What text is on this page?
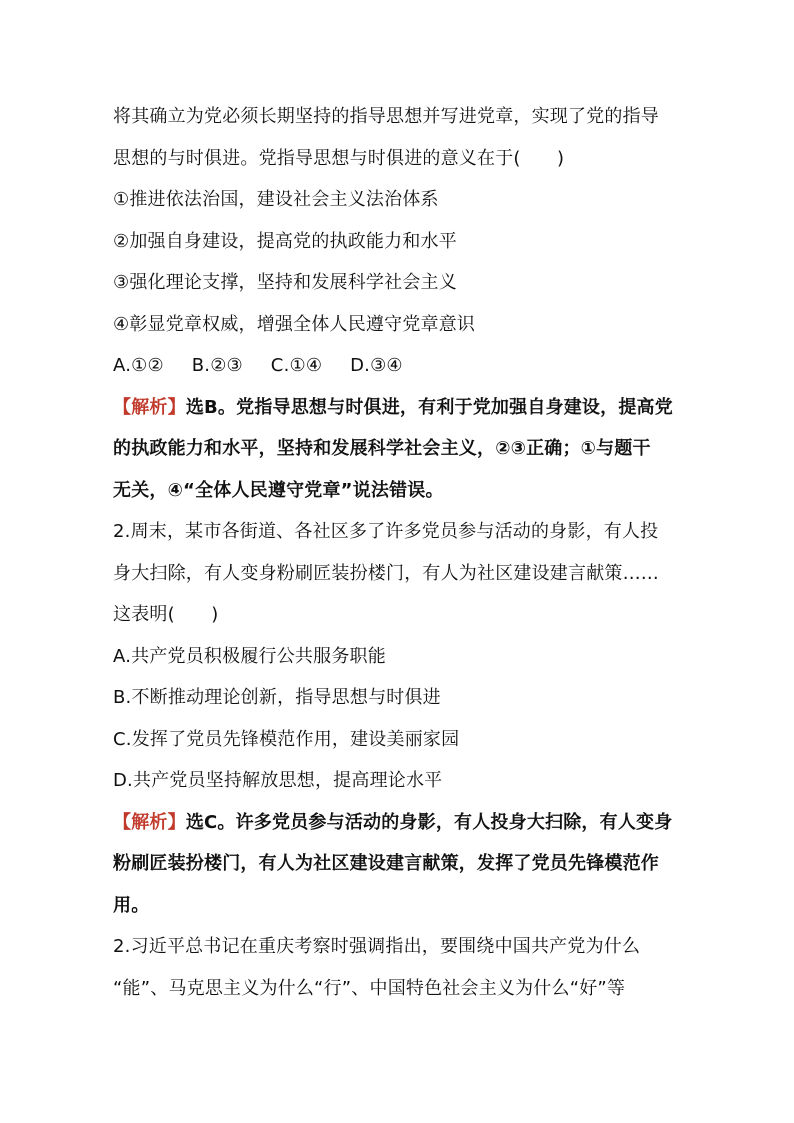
将其确立为党必须长期坚持的指导思想并写进党章，实现了党的指导
思想的与时俱进。党指导思想与时俱进的意义在于(　　)
①推进依法治国，建设社会主义法治体系
②加强自身建设，提高党的执政能力和水平
③强化理论支撑，坚持和发展科学社会主义
④彰显党章权威，增强全体人民遵守党章意识
A.①② B.②③ C.①④ D.③④
【解析】选B。党指导思想与时俱进，有利于党加强自身建设，提高党
的执政能力和水平，坚持和发展科学社会主义，②③正确；①与题干
无关，④“全体人民遵守党章”说法错误。
2.周末，某市各街道、各社区多了许多党员参与活动的身影，有人投
身大扫除，有人变身粉刷匠装扮楼门，有人为社区建设建言献策……
这表明(　　)
A.共产党员积极履行公共服务职能
B.不断推动理论创新，指导思想与时俱进
C.发挥了党员先锋模范作用，建设美丽家园
D.共产党员坚持解放思想，提高理论水平
【解析】选C。许多党员参与活动的身影，有人投身大扫除，有人变身
粉刷匠装扮楼门，有人为社区建设建言献策，发挥了党员先锋模范作
用。
2.习近平总书记在重庆考察时强调指出，要围绕中国共产党为什么
“能”、马克思主义为什么“行”、中国特色社会主义为什么“好”等
